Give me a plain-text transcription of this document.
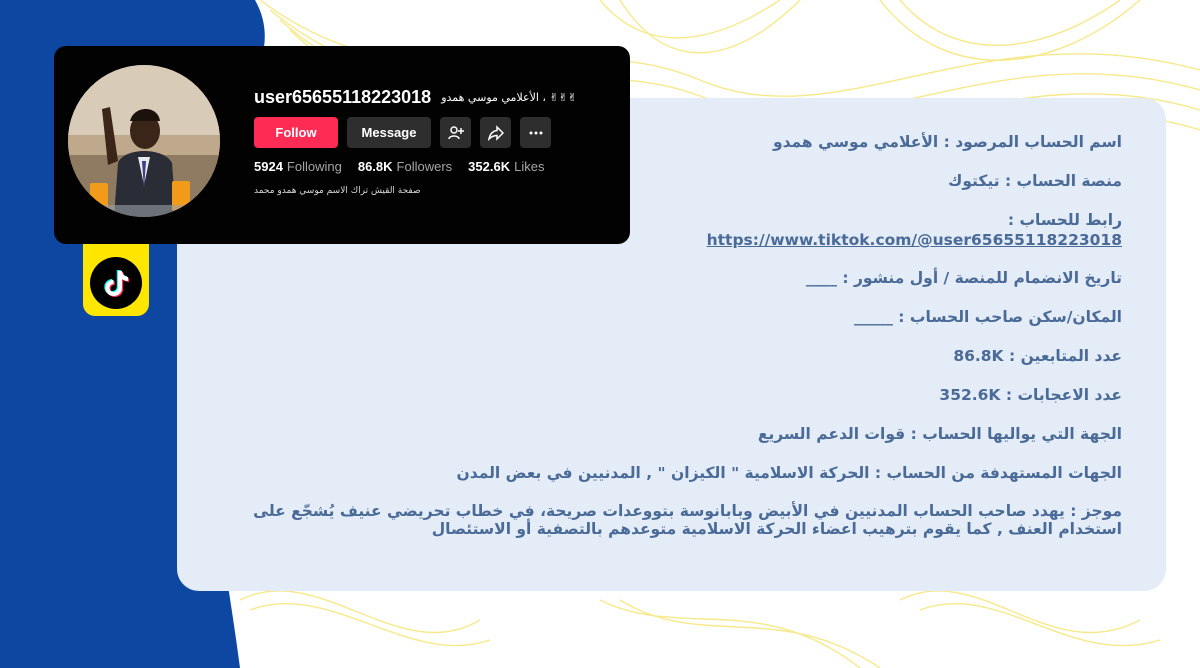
اسم الحساب المرصود : الأعلامي موسي همدو
منصة الحساب : تيكتوك
رابط للحساب :
https://www.tiktok.com/@user65655118223018
تاريخ الانضمام للمنصة / أول منشور : ____
المكان/سكن صاحب الحساب : _____
عدد المتابعين : 86.8K
عدد الاعجابات : 352.6K
الجهة التي يواليها الحساب : قوات الدعم السريع
الجهات المستهدفة من الحساب : الحركة الاسلامية " الكيزان " , المدنيين في بعض المدن
موجز : يهدد صاحب الحساب المدنيين في الأبيض وبابانوسة بتووعدات صريحة، في خطاب تحريضي عنيف يُشجّع على استخدام العنف , كما يقوم بترهيب اعضاء الحركة الاسلامية متوعدهم بالتصفية أو الاستئصال
user65655118223018 ✌✌✌ ، الأعلامي موسي همدو
Follow	Message
5924 Following 86.8K Followers 352.6K Likes
صفحة القيش تراك الاسم موسي همدو محمد
